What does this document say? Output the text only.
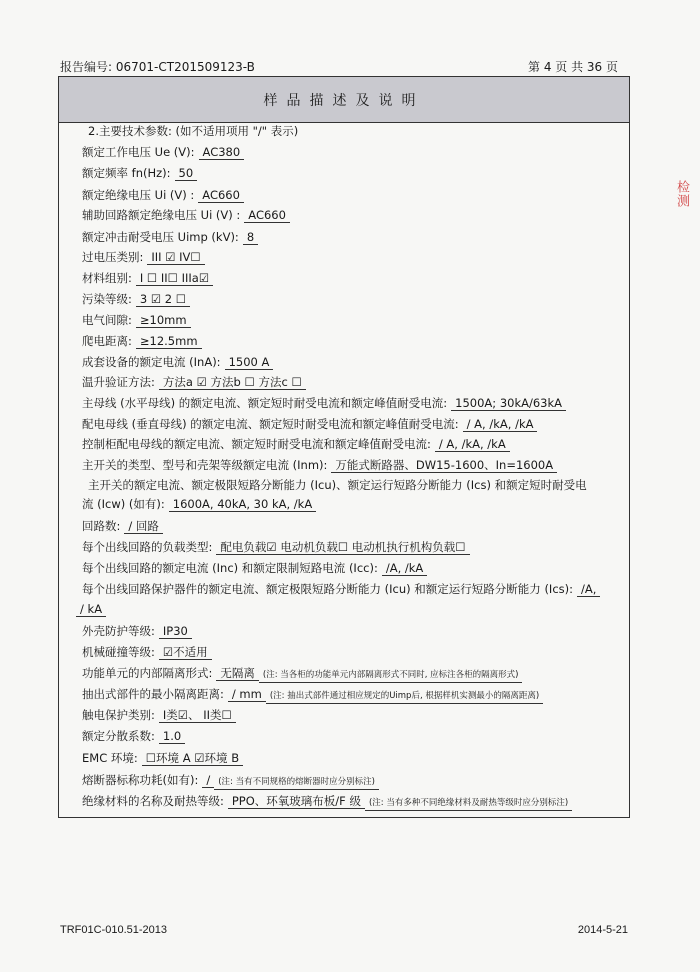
报告编号: 06701-CT201509123-B	第 4 页 共 36 页
检测
样品描述及说明
2.主要技术参数: (如不适用项用 "/" 表示)
额定工作电压 Ue (V): AC380
额定频率 fn(Hz): 50
额定绝缘电压 Ui (V) : AC660
辅助回路额定绝缘电压 Ui (V) : AC660
额定冲击耐受电压 Uimp (kV): 8
过电压类别: III ☑ IV☐
材料组别: I ☐ II☐ IIIa☑
污染等级: 3 ☑ 2 ☐
电气间隙: ≥10mm
爬电距离: ≥12.5mm
成套设备的额定电流 (InA): 1500 A
温升验证方法: 方法a ☑ 方法b ☐ 方法c ☐
主母线 (水平母线) 的额定电流、额定短时耐受电流和额定峰值耐受电流: 1500A; 30kA/63kA
配电母线 (垂直母线) 的额定电流、额定短时耐受电流和额定峰值耐受电流: / A, /kA, /kA
控制柜配电母线的额定电流、额定短时耐受电流和额定峰值耐受电流: / A, /kA, /kA
主开关的类型、型号和壳架等级额定电流 (Inm): 万能式断路器、DW15-1600、In=1600A
主开关的额定电流、额定极限短路分断能力 (Icu)、额定运行短路分断能力 (Ics) 和额定短时耐受电
流 (Icw) (如有): 1600A, 40kA, 30 kA, /kA
回路数: / 回路
每个出线回路的负载类型: 配电负载☑ 电动机负载☐ 电动机执行机构负载☐
每个出线回路的额定电流 (Inc) 和额定限制短路电流 (Icc): /A, /kA
每个出线回路保护器件的额定电流、额定极限短路分断能力 (Icu) 和额定运行短路分断能力 (Ics): /A,
/ kA
外壳防护等级: IP30
机械碰撞等级: ☑不适用
功能单元的内部隔离形式: 无隔离 (注: 当各柜的功能单元内部隔离形式不同时, 应标注各柜的隔离形式)
抽出式部件的最小隔离距离: / mm (注: 抽出式部件通过相应规定的Uimp后, 根据样机实测最小的隔离距离)
触电保护类别: I类☑、 II类☐
额定分散系数: 1.0
EMC 环境: ☐环境 A ☑环境 B
熔断器标称功耗(如有): / (注: 当有不同规格的熔断器时应分别标注)
绝缘材料的名称及耐热等级: PPO、环氧玻璃布板/F 级 (注: 当有多种不同绝缘材料及耐热等级时应分别标注)
TRF01C-010.51-2013	2014-5-21
